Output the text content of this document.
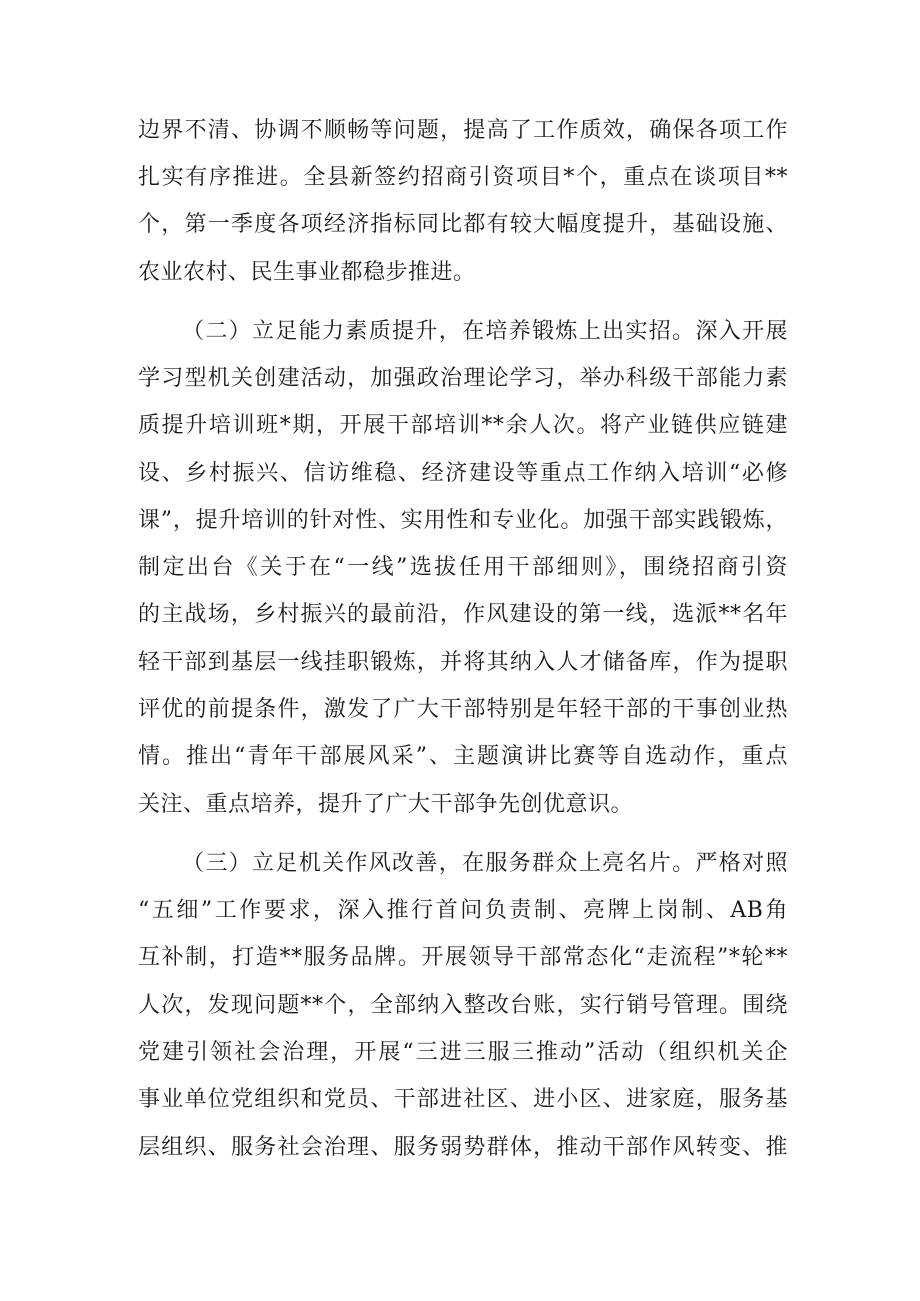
边界不清、协调不顺畅等问题，提高了工作质效，确保各项工作
扎实有序推进。全县新签约招商引资项目*个，重点在谈项目**
个，第一季度各项经济指标同比都有较大幅度提升，基础设施、
农业农村、民生事业都稳步推进。
（二）立足能力素质提升，在培养锻炼上出实招。深入开展
学习型机关创建活动，加强政治理论学习，举办科级干部能力素
质提升培训班*期，开展干部培训**余人次。将产业链供应链建
设、乡村振兴、信访维稳、经济建设等重点工作纳入培训“必修
课”，提升培训的针对性、实用性和专业化。加强干部实践锻炼，
制定出台《关于在“一线”选拔任用干部细则》，围绕招商引资
的主战场，乡村振兴的最前沿，作风建设的第一线，选派**名年
轻干部到基层一线挂职锻炼，并将其纳入人才储备库，作为提职
评优的前提条件，激发了广大干部特别是年轻干部的干事创业热
情。推出“青年干部展风采”、主题演讲比赛等自选动作，重点
关注、重点培养，提升了广大干部争先创优意识。
（三）立足机关作风改善，在服务群众上亮名片。严格对照
“五细”工作要求，深入推行首问负责制、亮牌上岗制、AB角
互补制，打造**服务品牌。开展领导干部常态化“走流程”*轮**
人次，发现问题**个，全部纳入整改台账，实行销号管理。围绕
党建引领社会治理，开展“三进三服三推动”活动（组织机关企
事业单位党组织和党员、干部进社区、进小区、进家庭，服务基
层组织、服务社会治理、服务弱势群体，推动干部作风转变、推
